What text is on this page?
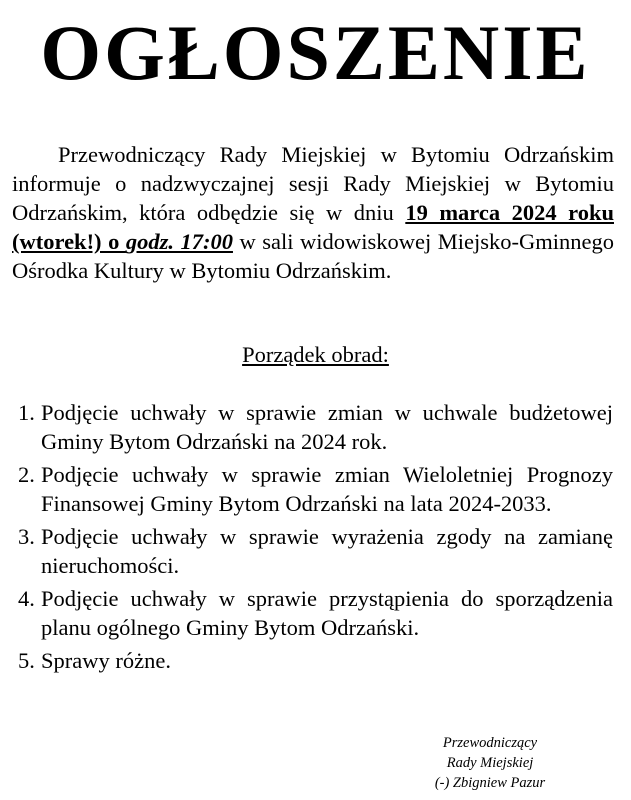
OGŁOSZENIE

Przewodniczący Rady Miejskiej w Bytomiu Odrzańskim informuje o nadzwyczajnej sesji Rady Miejskiej w Bytomiu Odrzańskim, która odbędzie się w dniu 19 marca 2024 roku (wtorek!) o godz. 17:00 w sali widowiskowej Miejsko-Gminnego Ośrodka Kultury w Bytomiu Odrzańskim.

Porządek obrad:
1. Podjęcie uchwały w sprawie zmian w uchwale budżetowej Gminy Bytom Odrzański na 2024 rok.
2. Podjęcie uchwały w sprawie zmian Wieloletniej Prognozy Finansowej Gminy Bytom Odrzański na lata 2024-2033.
3. Podjęcie uchwały w sprawie wyrażenia zgody na zamianę nieruchomości.
4. Podjęcie uchwały w sprawie przystąpienia do sporządzenia planu ogólnego Gminy Bytom Odrzański.
5. Sprawy różne.
Przewodniczący
Rady Miejskiej
(-) Zbigniew Pazur
